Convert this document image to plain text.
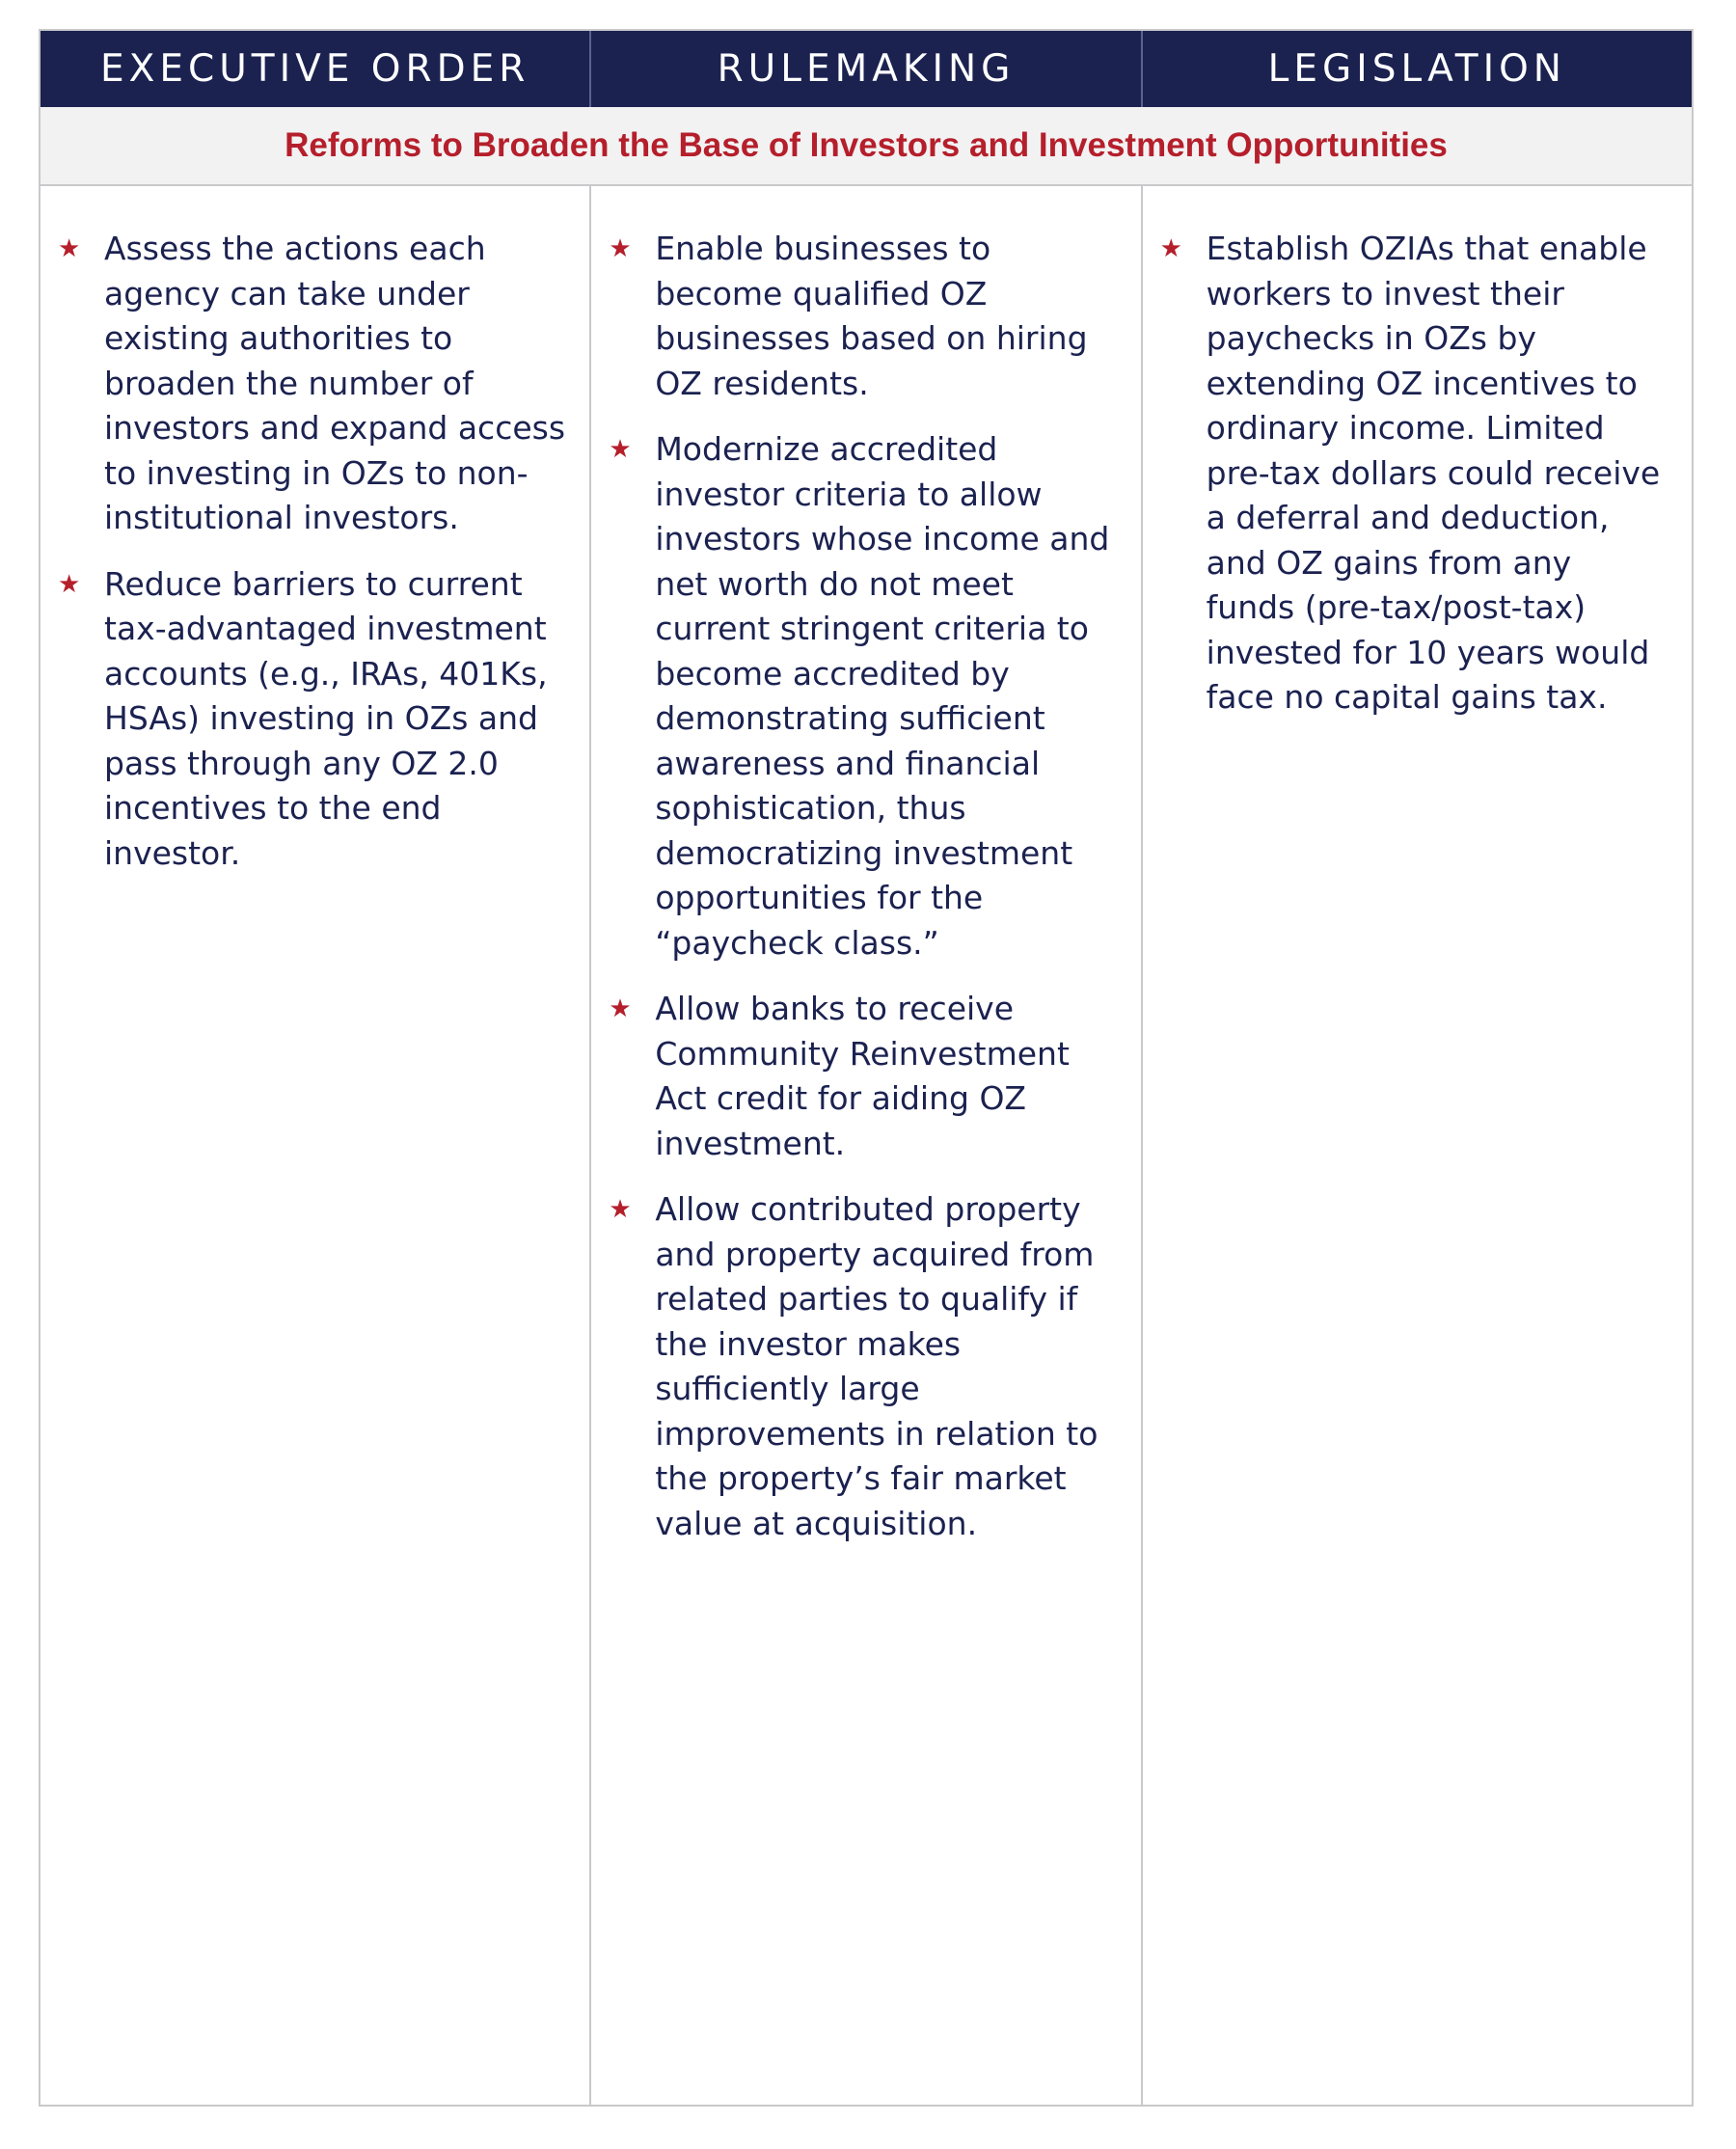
EXECUTIVE ORDER	RULEMAKING	LEGISLATION
Reforms to Broaden the Base of Investors and Investment Opportunities
★ Assess the actions each agency can take under existing authorities to broaden the number of investors and expand access to investing in OZs to non-institutional investors.
★ Reduce barriers to current tax-advantaged investment accounts (e.g., IRAs, 401Ks, HSAs) investing in OZs and pass through any OZ 2.0 incentives to the end investor.
★ Enable businesses to become qualified OZ businesses based on hiring OZ residents.
★ Modernize accredited investor criteria to allow investors whose income and net worth do not meet current stringent criteria to become accredited by demonstrating sufficient awareness and financial sophistication, thus democratizing investment opportunities for the “paycheck class.”
★ Allow banks to receive Community Reinvestment Act credit for aiding OZ investment.
★ Allow contributed property and property acquired from related parties to qualify if the investor makes sufficiently large improvements in relation to the property’s fair market value at acquisition.
★ Establish OZIAs that enable workers to invest their paychecks in OZs by extending OZ incentives to ordinary income. Limited pre-tax dollars could receive a deferral and deduction, and OZ gains from any funds (pre-tax/post-tax) invested for 10 years would face no capital gains tax.
